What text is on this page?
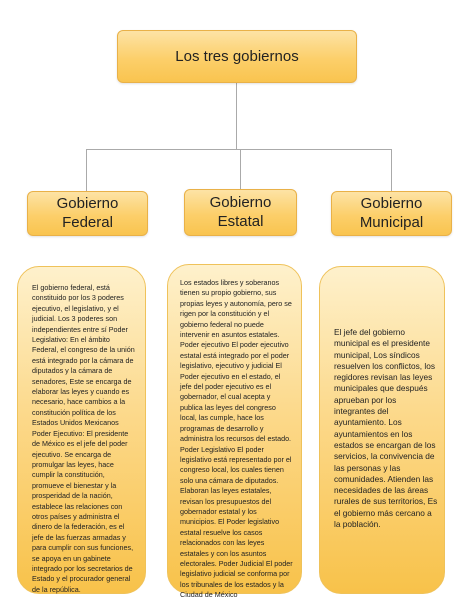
Los tres gobiernos
Gobierno Federal
Gobierno Estatal
Gobierno Municipal
El gobierno federal, está constituido por los 3 poderes ejecutivo, el legislativo, y el judicial. Los 3 poderes son independientes entre sí Poder Legislativo: En el ámbito Federal, el congreso de la unión está integrado por la cámara de diputados y la cámara de senadores, Este se encarga de elaborar las leyes y cuando es necesario, hace cambios a la constitución política de los Estados Unidos Mexicanos Poder Ejecutivo: El presidente de México es el jefe del poder ejecutivo. Se encarga de promulgar las leyes, hace cumplir la constitución, promueve el bienestar y la prosperidad de la nación, establece las relaciones con otros países y administra el dinero de la federación, es el jefe de las fuerzas armadas y para cumplir con sus funciones, se apoya en un gabinete integrado por los secretarios de Estado y el procurador general de la república.
Los estados libres y soberanos tienen su propio gobierno, sus propias leyes y autonomía, pero se rigen por la constitución y el gobierno federal no puede intervenir en asuntos estatales. Poder ejecutivo El poder ejecutivo estatal está integrado por el poder legislativo, ejecutivo y judicial El Poder ejecutivo en el estado, el jefe del poder ejecutivo es el gobernador, el cual acepta y publica las leyes del congreso local, las cumple, hace los programas de desarrollo y administra los recursos del estado. Poder Legislativo El poder legislativo está representado por el congreso local, los cuales tienen solo una cámara de diputados. Elaboran las leyes estatales, revisan los presupuestos del gobernador estatal y los municipios. El Poder legislativo estatal resuelve los casos relacionados con las leyes estatales y con los asuntos electorales. Poder Judicial El poder legislativo judicial se conforma por los tribunales de los estados y la Ciudad de México
El jefe del gobierno municipal es el presidente municipal, Los síndicos resuelven los conflictos, los regidores revisan las leyes municipales que después aprueban por los integrantes del ayuntamiento. Los ayuntamientos en los estados se encargan de los servicios, la convivencia de las personas y las comunidades. Atienden las necesidades de las áreas rurales de sus territorios, Es el gobierno más cercano a la población.
